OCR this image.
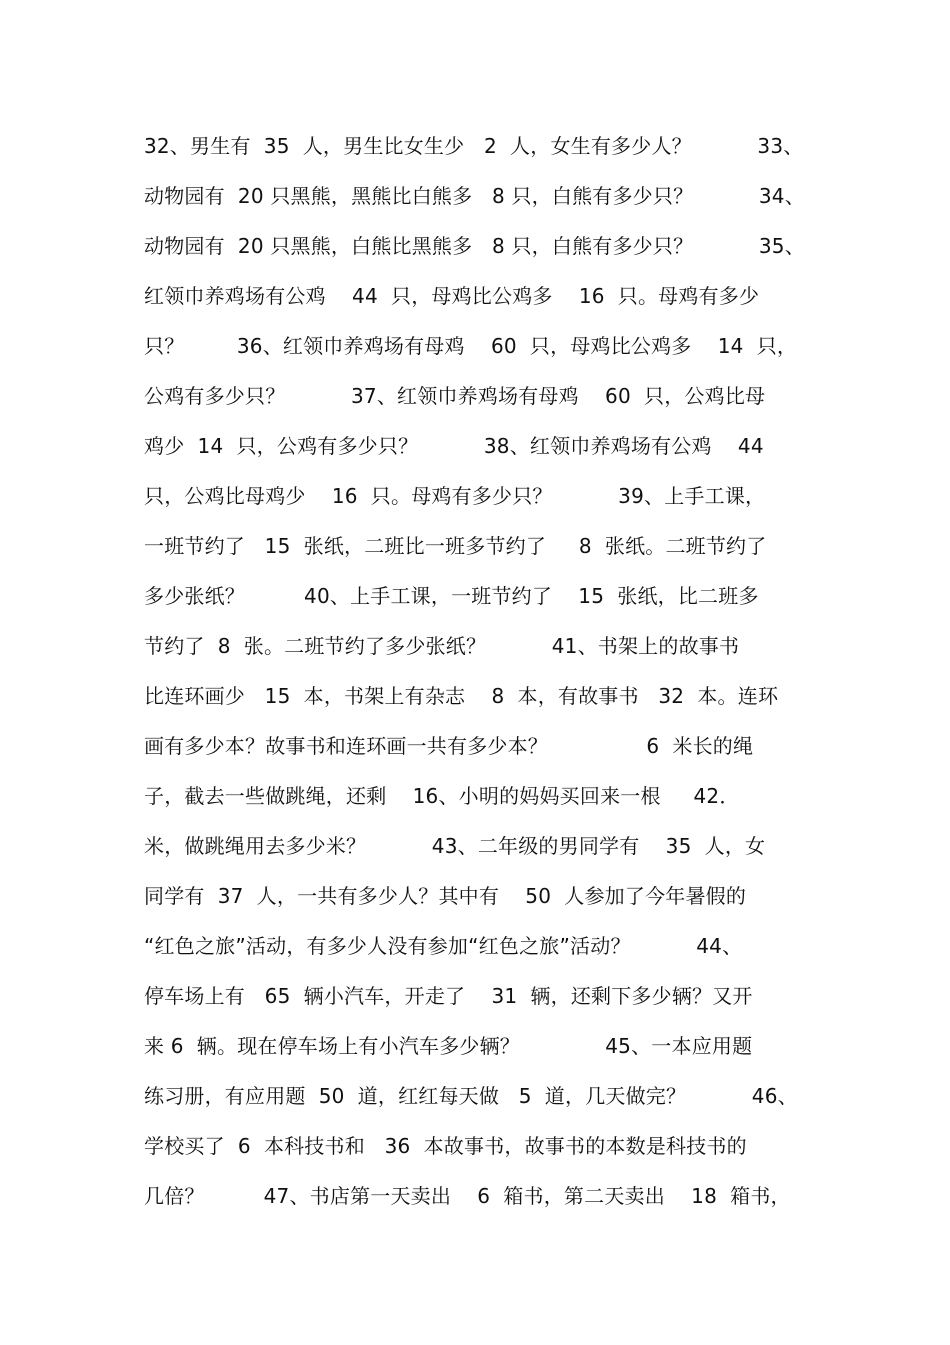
32、男生有  35  人，男生比女生少   2  人，女生有多少人？          33、
动物园有  20 只黑熊，黑熊比白熊多   8 只，白熊有多少只？          34、
动物园有  20 只黑熊，白熊比黑熊多   8 只，白熊有多少只？          35、
红领巾养鸡场有公鸡    44  只，母鸡比公鸡多    16  只。母鸡有多少
只？        36、红领巾养鸡场有母鸡    60  只，母鸡比公鸡多    14  只，
公鸡有多少只？          37、红领巾养鸡场有母鸡    60  只，公鸡比母
鸡少  14  只，公鸡有多少只？          38、红领巾养鸡场有公鸡    44
只，公鸡比母鸡少    16  只。母鸡有多少只？          39、上手工课，
一班节约了   15  张纸，二班比一班多节约了     8  张纸。二班节约了
多少张纸？         40、上手工课，一班节约了    15  张纸，比二班多
节约了  8  张。二班节约了多少张纸？          41、书架上的故事书
比连环画少   15  本，书架上有杂志    8  本，有故事书   32  本。连环
画有多少本？故事书和连环画一共有多少本？               6  米长的绳
子，截去一些做跳绳，还剩    16、小明的妈妈买回来一根     42．
米，做跳绳用去多少米？          43、二年级的男同学有    35  人，女
同学有  37  人，一共有多少人？其中有    50  人参加了今年暑假的
“红色之旅”活动，有多少人没有参加“红色之旅”活动？          44、
停车场上有   65  辆小汽车，开走了    31  辆，还剩下多少辆？又开
来 6  辆。现在停车场上有小汽车多少辆？             45、一本应用题
练习册，有应用题  50  道，红红每天做   5  道，几天做完？          46、
学校买了  6  本科技书和   36  本故事书，故事书的本数是科技书的
几倍？         47、书店第一天卖出    6  箱书，第二天卖出    18  箱书，
